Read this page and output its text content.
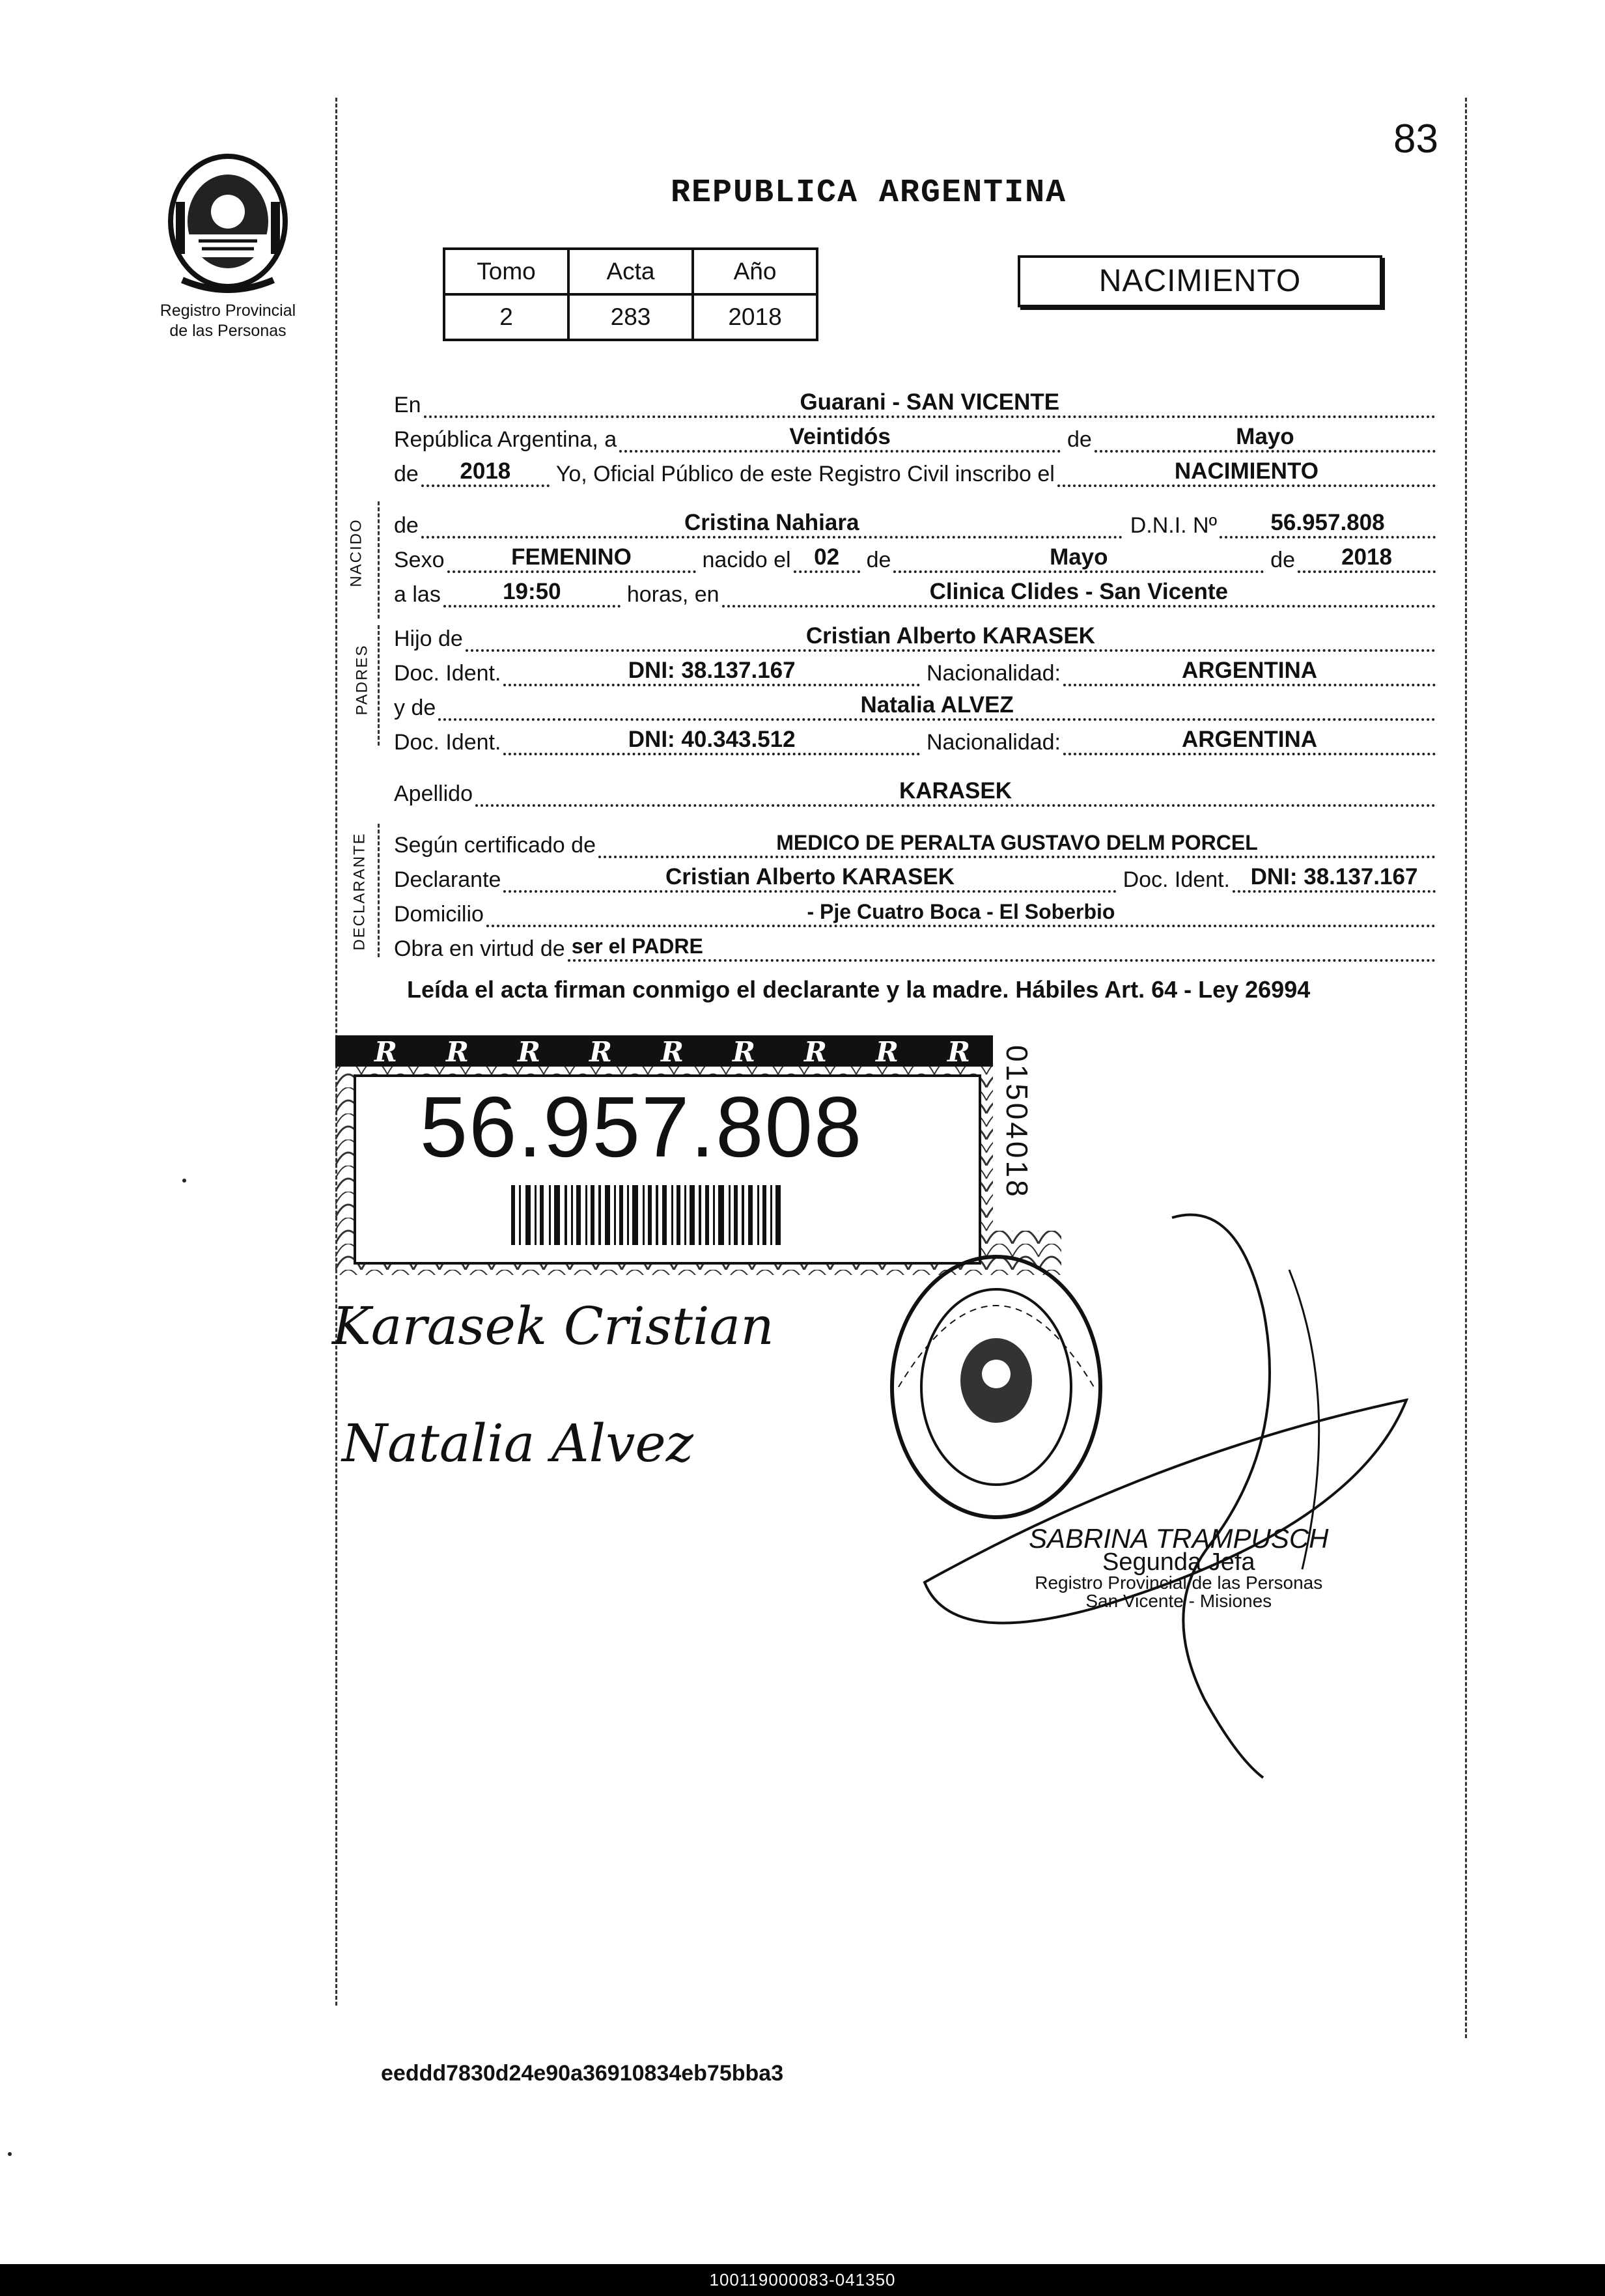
83
Registro Provincial
de las Personas
REPUBLICA ARGENTINA
Tomo	Acta	Año
2	283	2018
NACIMIENTO
En	Guarani - SAN VICENTE
República Argentina, a	Veintidós	de	Mayo
de	2018	Yo, Oficial Público de este Registro Civil inscribo el	NACIMIENTO
NACIDO de	Cristina Nahiara	D.N.I. Nº	56.957.808
Sexo	FEMENINO	nacido el	02	de	Mayo	de	2018
a las	19:50	horas, en	Clinica Clides - San Vicente
PADRES
Hijo de	Cristian Alberto KARASEK
Doc. Ident.	DNI: 38.137.167	Nacionalidad:	ARGENTINA
y de	Natalia ALVEZ
Doc. Ident.	DNI: 40.343.512	Nacionalidad:	ARGENTINA
Apellido	KARASEK
DECLARANTE Según certificado de	MEDICO DE PERALTA GUSTAVO DELM PORCEL
Declarante	Cristian Alberto KARASEK	Doc. Ident. DNI: 38.137.167
Domicilio	- Pje Cuatro Boca - El Soberbio
Obra en virtud de ser el PADRE
Leída el acta firman conmigo el declarante y la madre. Hábiles Art. 64 - Ley 26994
R R R R R R R R R
56.957.808	01504018
Karasek Cristian
Natalia Alvez
SABRINA TRAMPUSCH
Segunda Jefa
Registro Provincial de las Personas
San Vicente - Misiones
eeddd7830d24e90a36910834eb75bba3
100119000083-041350
